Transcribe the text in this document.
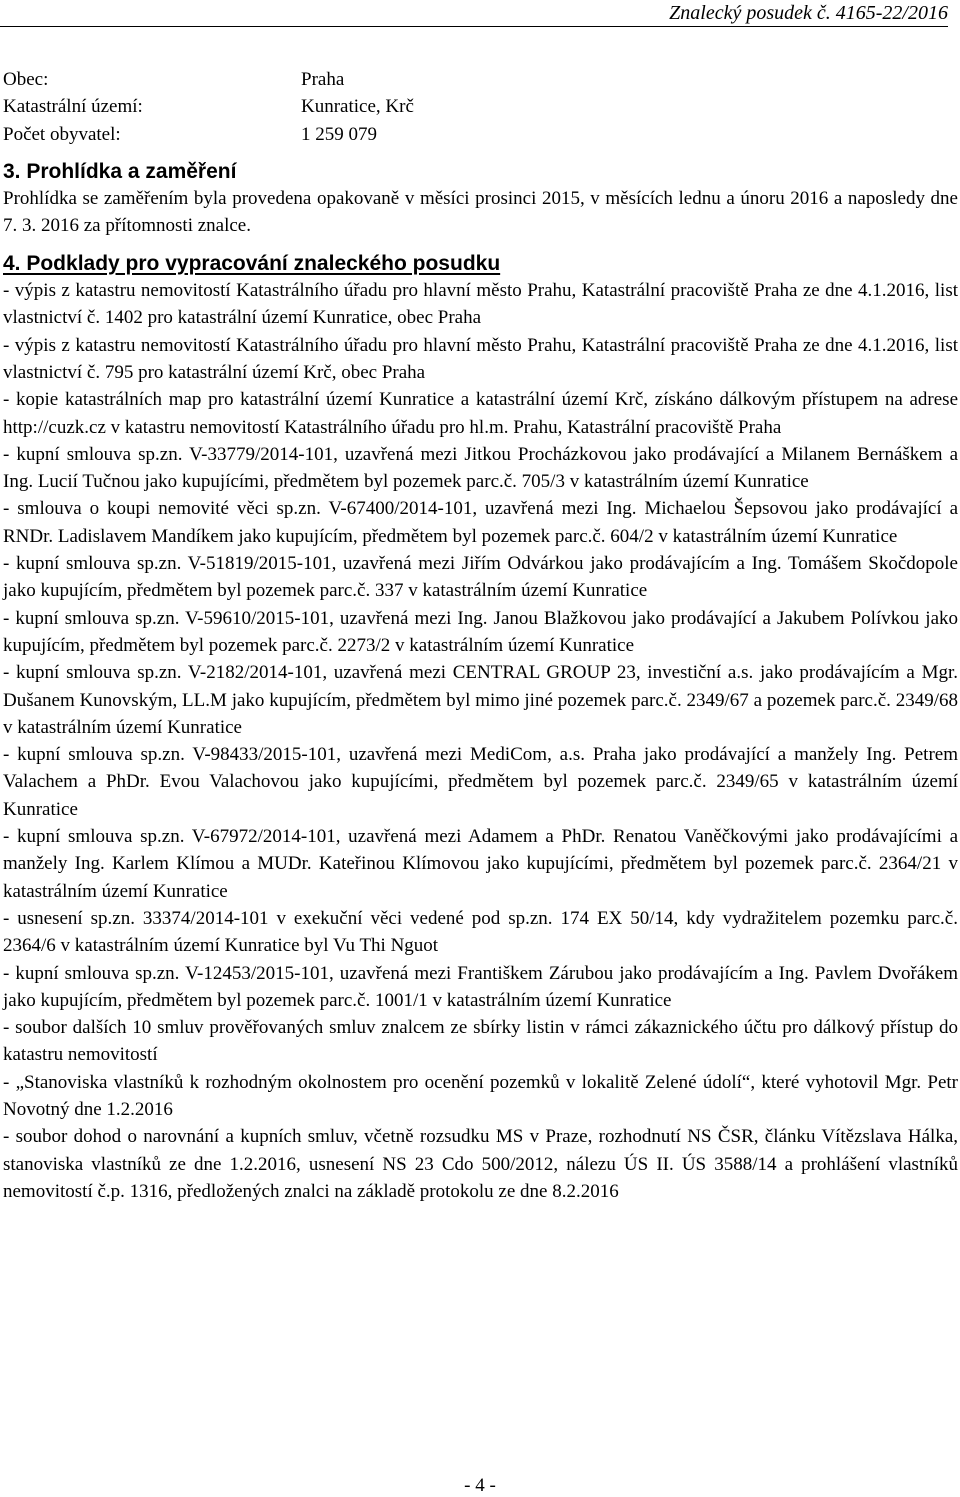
Znalecký posudek č. 4165-22/2016
Obec:	Praha
Katastrální území:	Kunratice, Krč
Počet obyvatel:	1 259 079
3. Prohlídka a zaměření

Prohlídka se zaměřením byla provedena opakovaně v měsíci prosinci 2015, v měsících lednu a únoru 2016 a naposledy dne 7. 3. 2016 za přítomnosti znalce.

4. Podklady pro vypracování znaleckého posudku

- výpis z katastru nemovitostí Katastrálního úřadu pro hlavní město Prahu, Katastrální pracoviště Praha ze dne 4.1.2016, list vlastnictví č. 1402 pro katastrální území Kunratice, obec Praha

- výpis z katastru nemovitostí Katastrálního úřadu pro hlavní město Prahu, Katastrální pracoviště Praha ze dne 4.1.2016, list vlastnictví č. 795 pro katastrální území Krč, obec Praha

- kopie katastrálních map pro katastrální území Kunratice a katastrální území Krč, získáno dálkovým přístupem na adrese http://cuzk.cz v katastru nemovitostí Katastrálního úřadu pro hl.m. Prahu, Katastrální pracoviště Praha

- kupní smlouva sp.zn. V-33779/2014-101, uzavřená mezi Jitkou Procházkovou jako prodávající a Milanem Bernáškem a Ing. Lucií Tučnou jako kupujícími, předmětem byl pozemek parc.č. 705/3 v katastrálním území Kunratice

- smlouva o koupi nemovité věci sp.zn. V-67400/2014-101, uzavřená mezi Ing. Michaelou Šepsovou jako prodávající a RNDr. Ladislavem Mandíkem jako kupujícím, předmětem byl pozemek parc.č. 604/2 v katastrálním území Kunratice

- kupní smlouva sp.zn. V-51819/2015-101, uzavřená mezi Jiřím Odvárkou jako prodávajícím a Ing. Tomášem Skočdopole jako kupujícím, předmětem byl pozemek parc.č. 337 v katastrálním území Kunratice

- kupní smlouva sp.zn. V-59610/2015-101, uzavřená mezi Ing. Janou Blažkovou jako prodávající a Jakubem Polívkou jako kupujícím, předmětem byl pozemek parc.č. 2273/2 v katastrálním území Kunratice

- kupní smlouva sp.zn. V-2182/2014-101, uzavřená mezi CENTRAL GROUP 23, investiční a.s. jako prodávajícím a Mgr. Dušanem Kunovským, LL.M jako kupujícím, předmětem byl mimo jiné pozemek parc.č. 2349/67 a pozemek parc.č. 2349/68 v katastrálním území Kunratice

- kupní smlouva sp.zn. V-98433/2015-101, uzavřená mezi MediCom, a.s. Praha jako prodávající a manžely Ing. Petrem Valachem a PhDr. Evou Valachovou jako kupujícími, předmětem byl pozemek parc.č. 2349/65 v katastrálním území Kunratice

- kupní smlouva sp.zn. V-67972/2014-101, uzavřená mezi Adamem a PhDr. Renatou Vaněčkovými jako prodávajícími a manžely Ing. Karlem Klímou a MUDr. Kateřinou Klímovou jako kupujícími, předmětem byl pozemek parc.č. 2364/21 v katastrálním území Kunratice

- usnesení sp.zn. 33374/2014-101 v exekuční věci vedené pod sp.zn. 174 EX 50/14, kdy vydražitelem pozemku parc.č. 2364/6 v katastrálním území Kunratice byl Vu Thi Nguot

- kupní smlouva sp.zn. V-12453/2015-101, uzavřená mezi Františkem Zárubou jako prodávajícím a Ing. Pavlem Dvořákem jako kupujícím, předmětem byl pozemek parc.č. 1001/1 v katastrálním území Kunratice

- soubor dalších 10 smluv prověřovaných smluv znalcem ze sbírky listin v rámci zákaznického účtu pro dálkový přístup do katastru nemovitostí

- „Stanoviska vlastníků k rozhodným okolnostem pro ocenění pozemků v lokalitě Zelené údolí“, které vyhotovil Mgr. Petr Novotný dne 1.2.2016

- soubor dohod o narovnání a kupních smluv, včetně rozsudku MS v Praze, rozhodnutí NS ČSR, článku Vítězslava Hálka, stanoviska vlastníků ze dne 1.2.2016, usnesení NS 23 Cdo 500/2012, nálezu ÚS II. ÚS 3588/14 a prohlášení vlastníků nemovitostí č.p. 1316, předložených znalci na základě protokolu ze dne 8.2.2016

- 4 -
